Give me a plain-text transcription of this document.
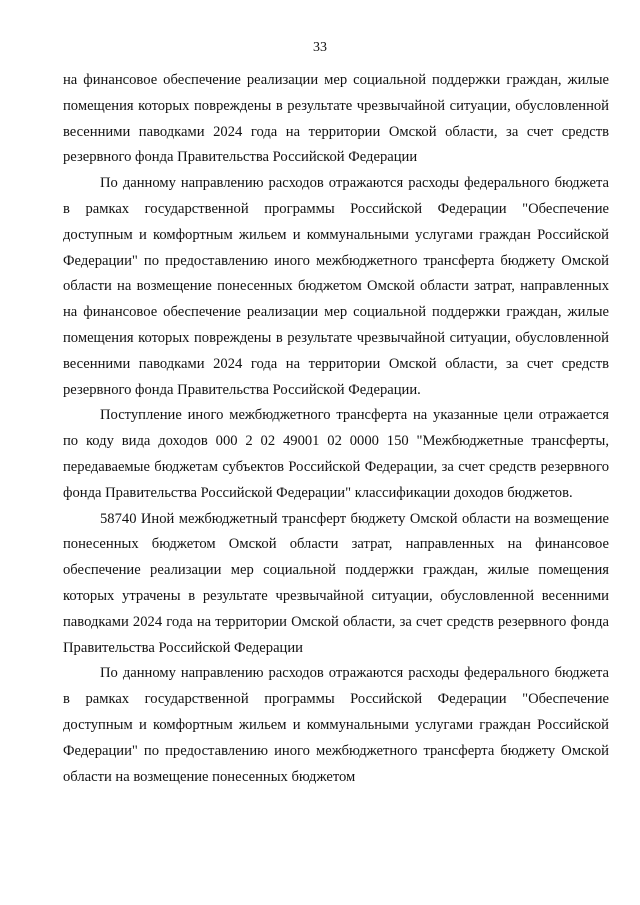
33

на финансовое обеспечение реализации мер социальной поддержки граждан, жилые помещения которых повреждены в результате чрезвычайной ситуации, обусловленной весенними паводками 2024 года на территории Омской области, за счет средств резервного фонда Правительства Российской Федерации

По данному направлению расходов отражаются расходы федерального бюджета в рамках государственной программы Российской Федерации "Обеспечение доступным и комфортным жильем и коммунальными услугами граждан Российской Федерации" по предоставлению иного межбюджетного трансферта бюджету Омской области на возмещение понесенных бюджетом Омской области затрат, направленных на финансовое обеспечение реализации мер социальной поддержки граждан, жилые помещения которых повреждены в результате чрезвычайной ситуации, обусловленной весенними паводками 2024 года на территории Омской области, за счет средств резервного фонда Правительства Российской Федерации.

Поступление иного межбюджетного трансферта на указанные цели отражается по коду вида доходов 000 2 02 49001 02 0000 150 "Межбюджетные трансферты, передаваемые бюджетам субъектов Российской Федерации, за счет средств резервного фонда Правительства Российской Федерации" классификации доходов бюджетов.

58740 Иной межбюджетный трансферт бюджету Омской области на возмещение понесенных бюджетом Омской области затрат, направленных на финансовое обеспечение реализации мер социальной поддержки граждан, жилые помещения которых утрачены в результате чрезвычайной ситуации, обусловленной весенними паводками 2024 года на территории Омской области, за счет средств резервного фонда Правительства Российской Федерации

По данному направлению расходов отражаются расходы федерального бюджета в рамках государственной программы Российской Федерации "Обеспечение доступным и комфортным жильем и коммунальными услугами граждан Российской Федерации" по предоставлению иного межбюджетного трансферта бюджету Омской области на возмещение понесенных бюджетом
